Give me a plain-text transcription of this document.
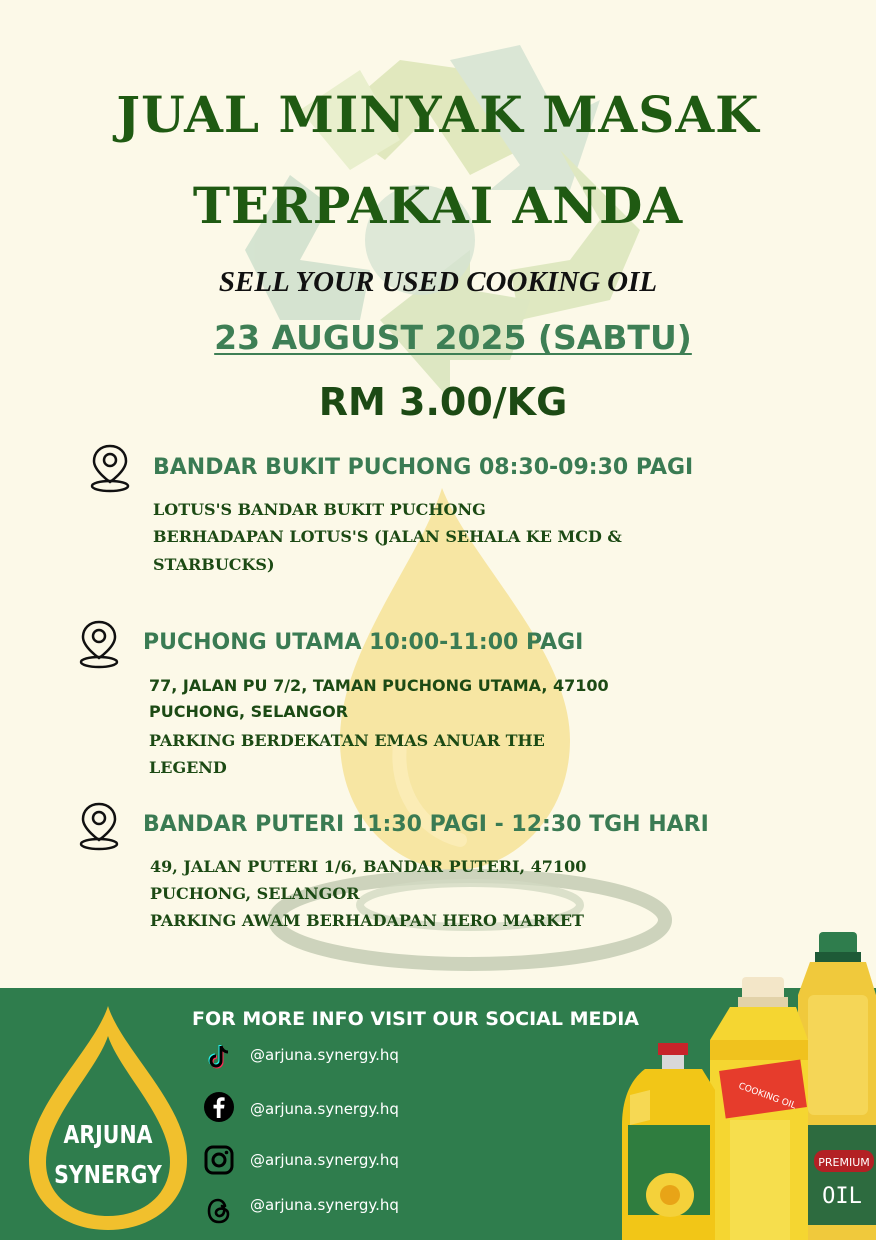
JUAL MINYAK MASAK
TERPAKAI ANDA
SELL YOUR USED COOKING OIL
23 AUGUST 2025 (SABTU)
RM 3.00/KG
BANDAR BUKIT PUCHONG 08:30-09:30 PAGI
LOTUS'S BANDAR BUKIT PUCHONG
BERHADAPAN LOTUS'S (JALAN SEHALA KE MCD &
STARBUCKS)
PUCHONG UTAMA 10:00-11:00 PAGI
77, JALAN PU 7/2, TAMAN PUCHONG UTAMA, 47100
PUCHONG, SELANGOR
PARKING BERDEKATAN EMAS ANUAR THE
LEGEND
BANDAR PUTERI 11:30 PAGI - 12:30 TGH HARI
49, JALAN PUTERI 1/6, BANDAR PUTERI, 47100
PUCHONG, SELANGOR
PARKING AWAM BERHADAPAN HERO MARKET
FOR MORE INFO VISIT OUR SOCIAL MEDIA
@arjuna.synergy.hq
@arjuna.synergy.hq
@arjuna.synergy.hq
@arjuna.synergy.hq
ARJUNA
SYNERGY	PREMIUM
OIL
COOKING OIL
